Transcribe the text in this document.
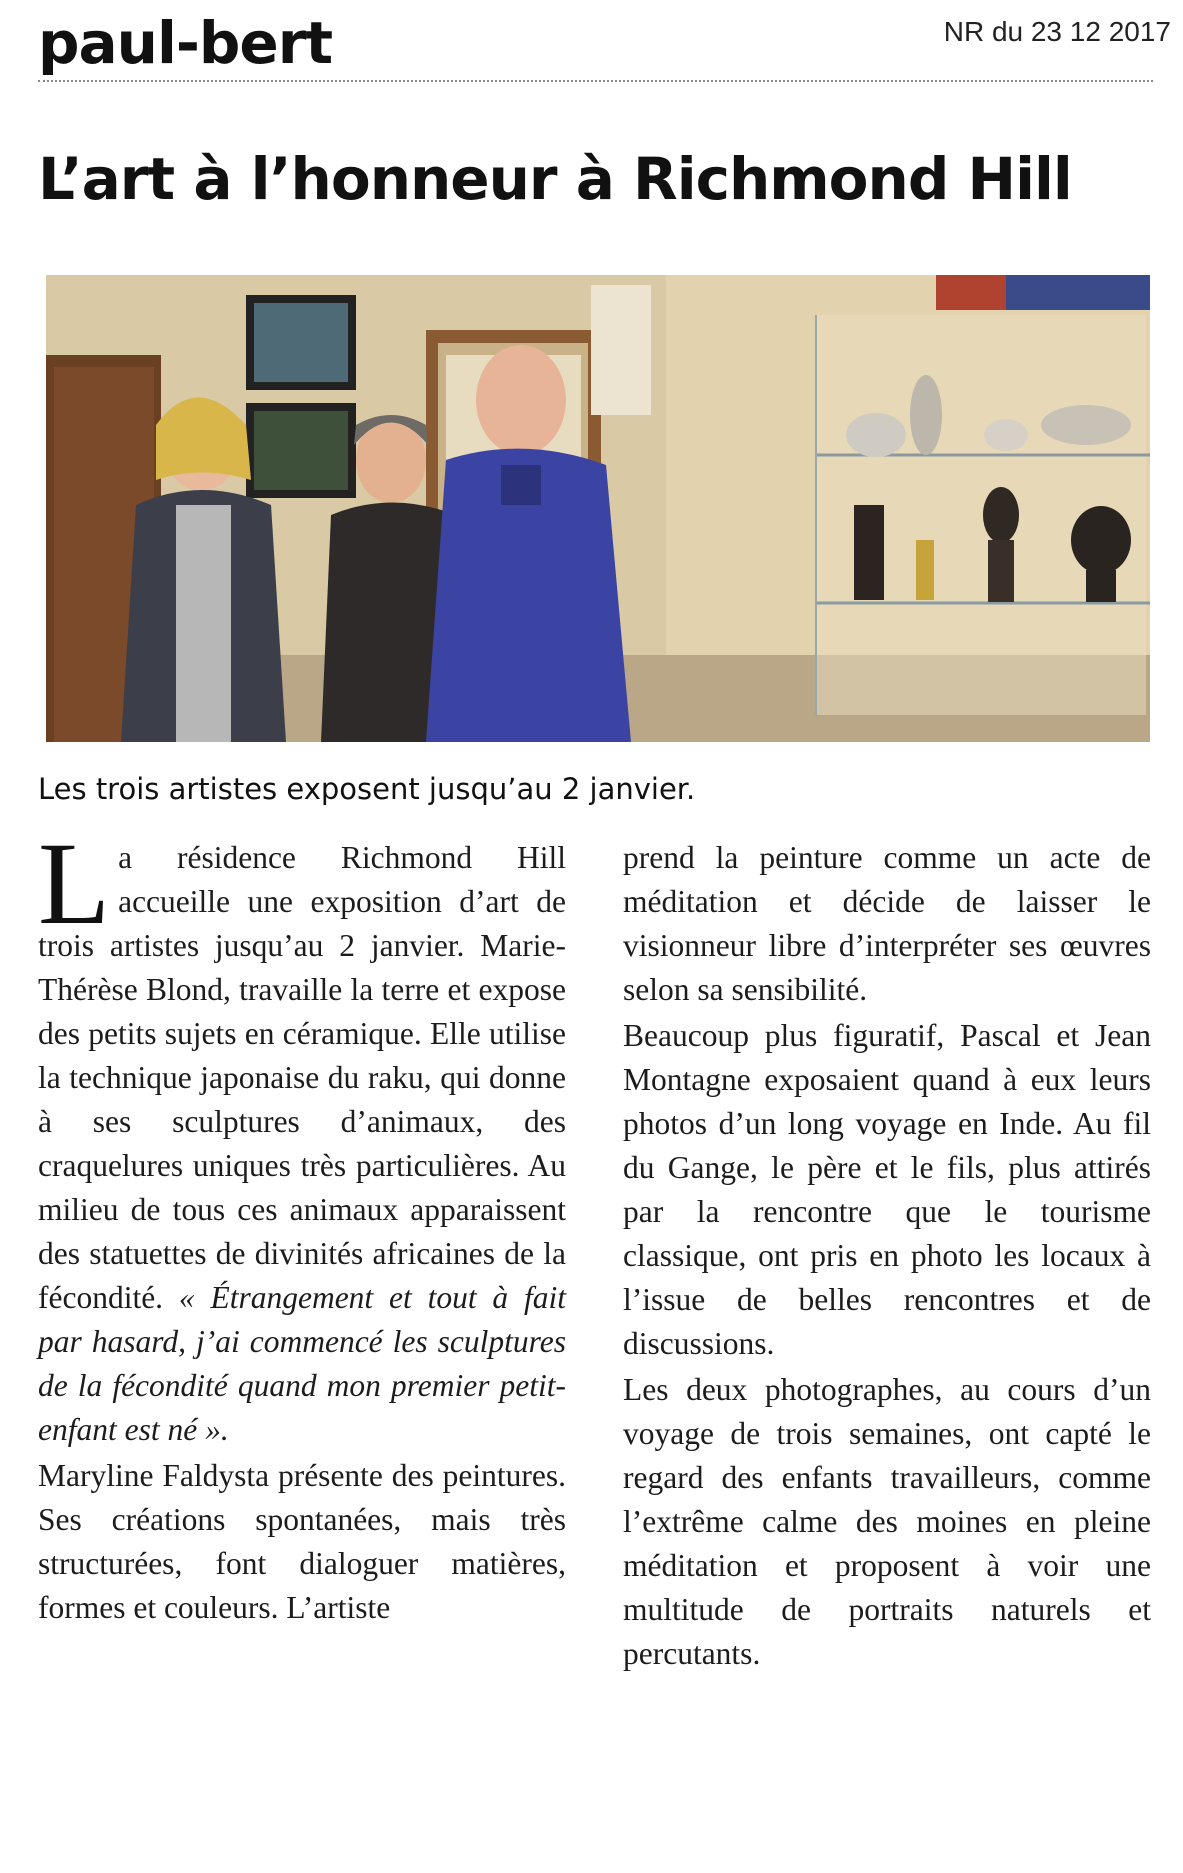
paul-bert	NR du 23 12 2017
L’art à l’honneur à Richmond Hill
Les trois artistes exposent jusqu’au 2 janvier.

La résidence Richmond Hill accueille une exposition d’art de trois artistes jusqu’au 2 janvier. Marie-Thérèse Blond, travaille la terre et expose des petits sujets en céramique. Elle utilise la technique japonaise du raku, qui donne à ses sculptures d’animaux, des craquelures uniques très particulières. Au milieu de tous ces animaux apparaissent des statuettes de divinités africaines de la fécondité. « Étrangement et tout à fait par hasard, j’ai commencé les sculptures de la fécondité quand mon premier petit-enfant est né ».

Maryline Faldysta présente des peintures. Ses créations spontanées, mais très structurées, font dialoguer matières, formes et couleurs. L’artiste

prend la peinture comme un acte de méditation et décide de laisser le visionneur libre d’interpréter ses œuvres selon sa sensibilité.

Beaucoup plus figuratif, Pascal et Jean Montagne exposaient quand à eux leurs photos d’un long voyage en Inde. Au fil du Gange, le père et le fils, plus attirés par la rencontre que le tourisme classique, ont pris en photo les locaux à l’issue de belles rencontres et de discussions.

Les deux photographes, au cours d’un voyage de trois semaines, ont capté le regard des enfants travailleurs, comme l’extrême calme des moines en pleine méditation et proposent à voir une multitude de portraits naturels et percutants.
